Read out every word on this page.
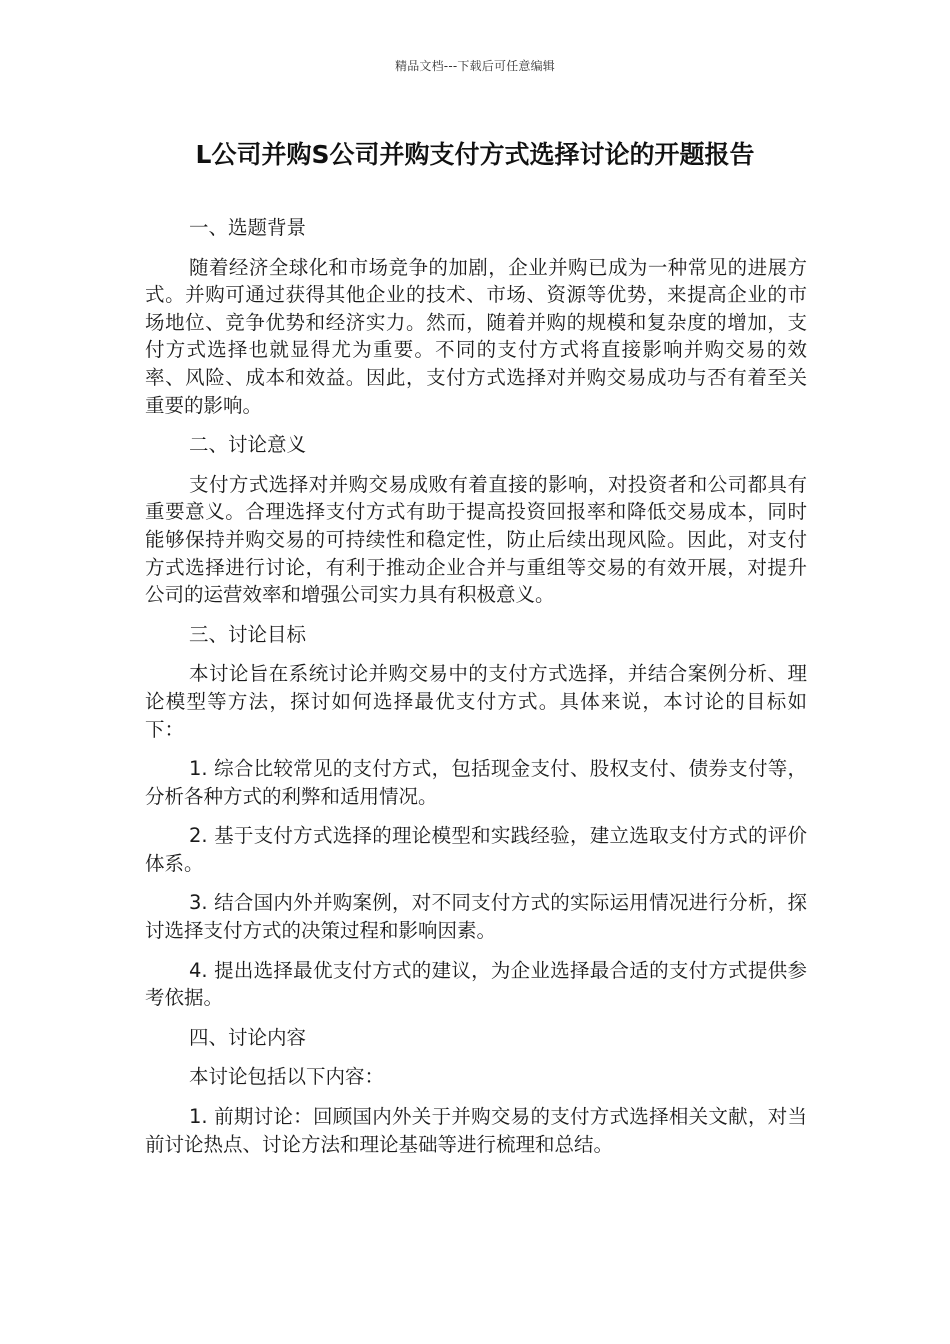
精品文档---下载后可任意编辑
L公司并购S公司并购支付方式选择讨论的开题报告

一、选题背景

随着经济全球化和市场竞争的加剧，企业并购已成为一种常见的进展方式。并购可通过获得其他企业的技术、市场、资源等优势，来提高企业的市场地位、竞争优势和经济实力。然而，随着并购的规模和复杂度的增加，支付方式选择也就显得尤为重要。不同的支付方式将直接影响并购交易的效率、风险、成本和效益。因此，支付方式选择对并购交易成功与否有着至关重要的影响。

二、讨论意义

支付方式选择对并购交易成败有着直接的影响，对投资者和公司都具有重要意义。合理选择支付方式有助于提高投资回报率和降低交易成本，同时能够保持并购交易的可持续性和稳定性，防止后续出现风险。因此，对支付方式选择进行讨论，有利于推动企业合并与重组等交易的有效开展，对提升公司的运营效率和增强公司实力具有积极意义。

三、讨论目标

本讨论旨在系统讨论并购交易中的支付方式选择，并结合案例分析、理论模型等方法，探讨如何选择最优支付方式。具体来说，本讨论的目标如下：

1. 综合比较常见的支付方式，包括现金支付、股权支付、债券支付等，分析各种方式的利弊和适用情况。

2. 基于支付方式选择的理论模型和实践经验，建立选取支付方式的评价体系。

3. 结合国内外并购案例，对不同支付方式的实际运用情况进行分析，探讨选择支付方式的决策过程和影响因素。

4. 提出选择最优支付方式的建议，为企业选择最合适的支付方式提供参考依据。

四、讨论内容

本讨论包括以下内容：

1. 前期讨论：回顾国内外关于并购交易的支付方式选择相关文献，对当前讨论热点、讨论方法和理论基础等进行梳理和总结。
